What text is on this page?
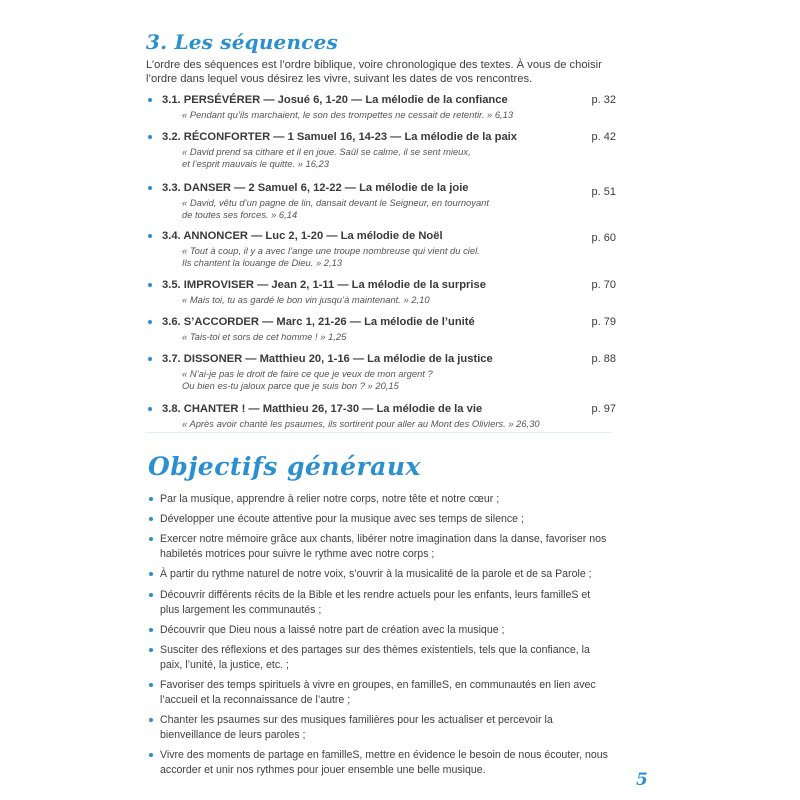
3. Les séquences

L’ordre des séquences est l’ordre biblique, voire chronologique des textes. À vous de choisir l’ordre dans lequel vous désirez les vivre, suivant les dates de vos rencontres.

3.1. PERSÉVÉRER — Josué 6, 1-20 — La mélodie de la confiance	p. 32
« Pendant qu’ils marchaient, le son des trompettes ne cessait de retentir. » 6,13
3.2. RÉCONFORTER — 1 Samuel 16, 14-23 — La mélodie de la paix	p. 42
« David prend sa cithare et il en joue. Saül se calme, il se sent mieux,
et l’esprit mauvais le quitte. » 16,23
3.3. DANSER — 2 Samuel 6, 12-22 — La mélodie de la joie	p. 51
« David, vêtu d’un pagne de lin, dansait devant le Seigneur, en tournoyant
de toutes ses forces. » 6,14
3.4. ANNONCER — Luc 2, 1-20 — La mélodie de Noël	p. 60
« Tout à coup, il y a avec l’ange une troupe nombreuse qui vient du ciel.
Ils chantent la louange de Dieu. » 2,13
3.5. IMPROVISER — Jean 2, 1-11 — La mélodie de la surprise	p. 70
« Mais toi, tu as gardé le bon vin jusqu’à maintenant. » 2,10
3.6. S’ACCORDER — Marc 1, 21-26 — La mélodie de l’unité	p. 79
« Tais-toi et sors de cet homme ! » 1,25
3.7. DISSONER — Matthieu 20, 1-16 — La mélodie de la justice	p. 88
« N’ai-je pas le droit de faire ce que je veux de mon argent ?
Ou bien es-tu jaloux parce que je suis bon ? » 20,15
3.8. CHANTER ! — Matthieu 26, 17-30 — La mélodie de la vie	p. 97
« Après avoir chanté les psaumes, ils sortirent pour aller au Mont des Oliviers. » 26,30
Objectifs généraux
Par la musique, apprendre à relier notre corps, notre tête et notre cœur ;
Développer une écoute attentive pour la musique avec ses temps de silence ;
Exercer notre mémoire grâce aux chants, libérer notre imagination dans la danse, favoriser nos habiletés motrices pour suivre le rythme avec notre corps ;
À partir du rythme naturel de notre voix, s’ouvrir à la musicalité de la parole et de sa Parole ;
Découvrir différents récits de la Bible et les rendre actuels pour les enfants, leurs familleS et plus largement les communautés ;
Découvrir que Dieu nous a laissé notre part de création avec la musique ;
Susciter des réflexions et des partages sur des thèmes existentiels, tels que la confiance, la paix, l’unité, la justice, etc. ;
Favoriser des temps spirituels à vivre en groupes, en familleS, en communautés en lien avec l’accueil et la reconnaissance de l’autre ;
Chanter les psaumes sur des musiques familières pour les actualiser et percevoir la bienveillance de leurs paroles ;
Vivre des moments de partage en familleS, mettre en évidence le besoin de nous écouter, nous accorder et unir nos rythmes pour jouer ensemble une belle musique.	5
